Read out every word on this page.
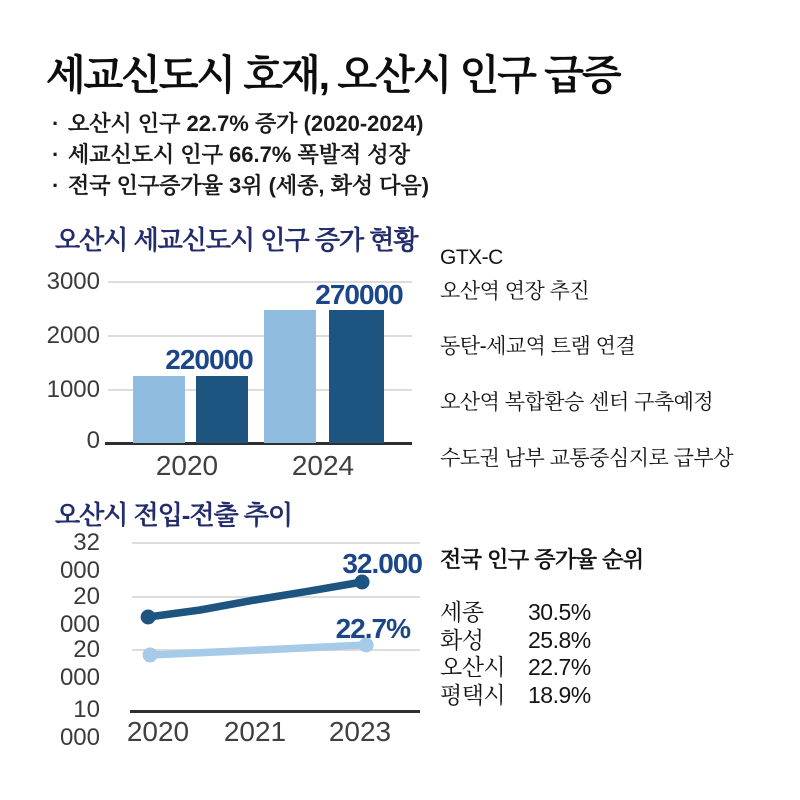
세교신도시 호재, 오산시 인구 급증
· 오산시 인구 22.7% 증가 (2020-2024)
· 세교신도시 인구 66.7% 폭발적 성장
· 전국 인구증가율 3위 (세종, 화성 다음)
오산시 세교신도시 인구 증가 현황
3000
2000
1000
0
220000
270000
2020	2024
GTX-C
오산역 연장 추진
동탄-세교역 트램 연결
오산역 복합환승 센터 구축예정
수도권 남부 교통중심지로 급부상
오산시 전입-전출 추이
32 000
20 000
20 000
10 000
32.000
22.7%
2020	2021	2023
전국 인구 증가율 순위
세종	30.5%
화성	25.8%
오산시 22.7%
평택시 18.9%
